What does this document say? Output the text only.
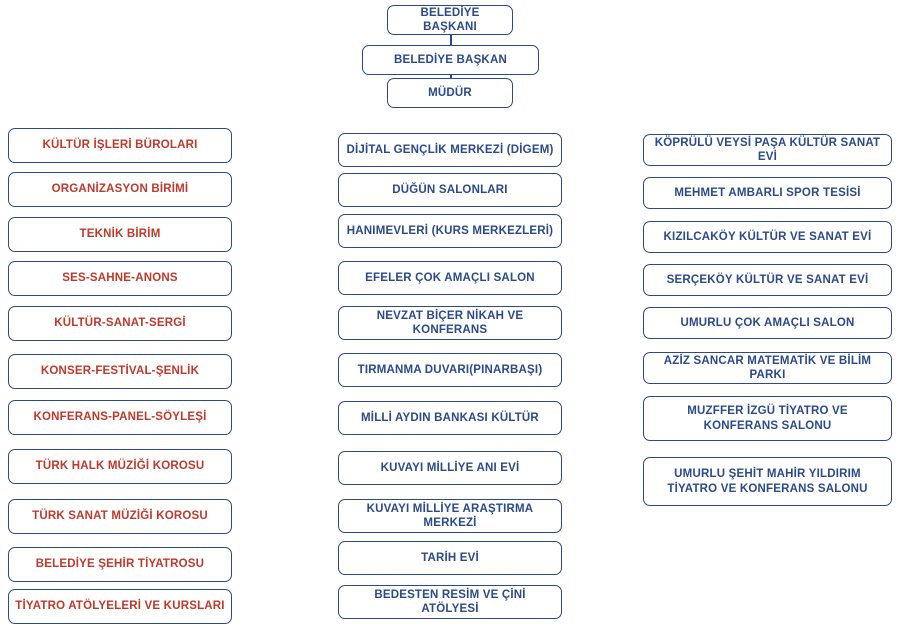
BELEDİYE BAŞKANI
BELEDİYE BAŞKAN
MÜDÜR
KÜLTÜR İŞLERİ BÜROLARI
ORGANİZASYON BİRİMİ
TEKNİK BİRİM
SES-SAHNE-ANONS
KÜLTÜR-SANAT-SERGİ
KONSER-FESTİVAL-ŞENLİK
KONFERANS-PANEL-SÖYLEŞİ
TÜRK HALK MÜZİĞİ KOROSU
TÜRK SANAT MÜZİĞİ KOROSU
BELEDİYE ŞEHİR TİYATROSU
TİYATRO ATÖLYELERİ VE KURSLARI
DİJİTAL GENÇLİK MERKEZİ (DİGEM)
DÜĞÜN SALONLARI
HANIMEVLERİ (KURS MERKEZLERİ)
EFELER ÇOK AMAÇLI SALON
NEVZAT BİÇER NİKAH VE KONFERANS
TIRMANMA DUVARI(PINARBAŞI)
MİLLİ AYDIN BANKASI KÜLTÜR
KUVAYI MİLLİYE ANI EVİ
KUVAYI MİLLİYE ARAŞTIRMA MERKEZİ
TARİH EVİ
BEDESTEN RESİM VE ÇİNİ ATÖLYESİ
KÖPRÜLÜ VEYSİ PAŞA KÜLTÜR SANAT EVİ
MEHMET AMBARLI SPOR TESİSİ
KIZILCAKÖY KÜLTÜR VE SANAT EVİ
SERÇEKÖY KÜLTÜR VE SANAT EVİ
UMURLU ÇOK AMAÇLI SALON
AZİZ SANCAR MATEMATİK VE BİLİM PARKI
MUZFFER İZGÜ TİYATRO VE KONFERANS SALONU
UMURLU ŞEHİT MAHİR YILDIRIM TİYATRO VE KONFERANS SALONU
